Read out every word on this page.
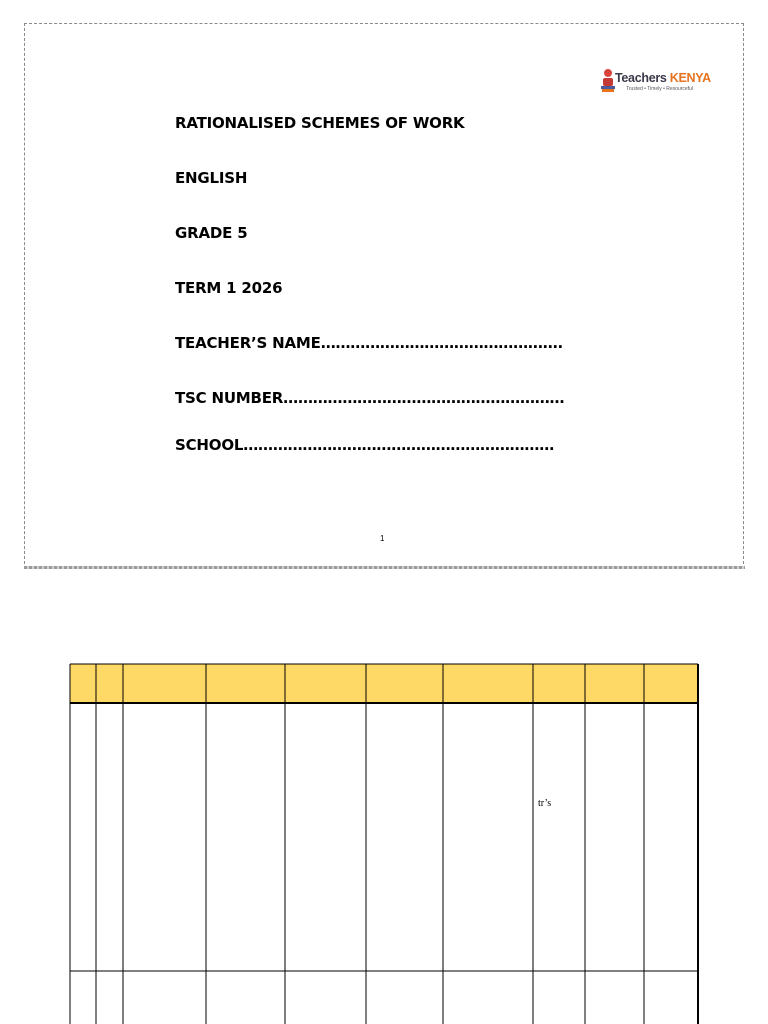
Teachers KENYA
Trusted • Timely • Resourceful
RATIONALISED SCHEMES OF WORK
ENGLISH
GRADE 5
TERM 1 2026
TEACHER’S NAME………………………………………….
TSC NUMBER…………………………………………………
SCHOOL………………………………………………………
1
tr’s
